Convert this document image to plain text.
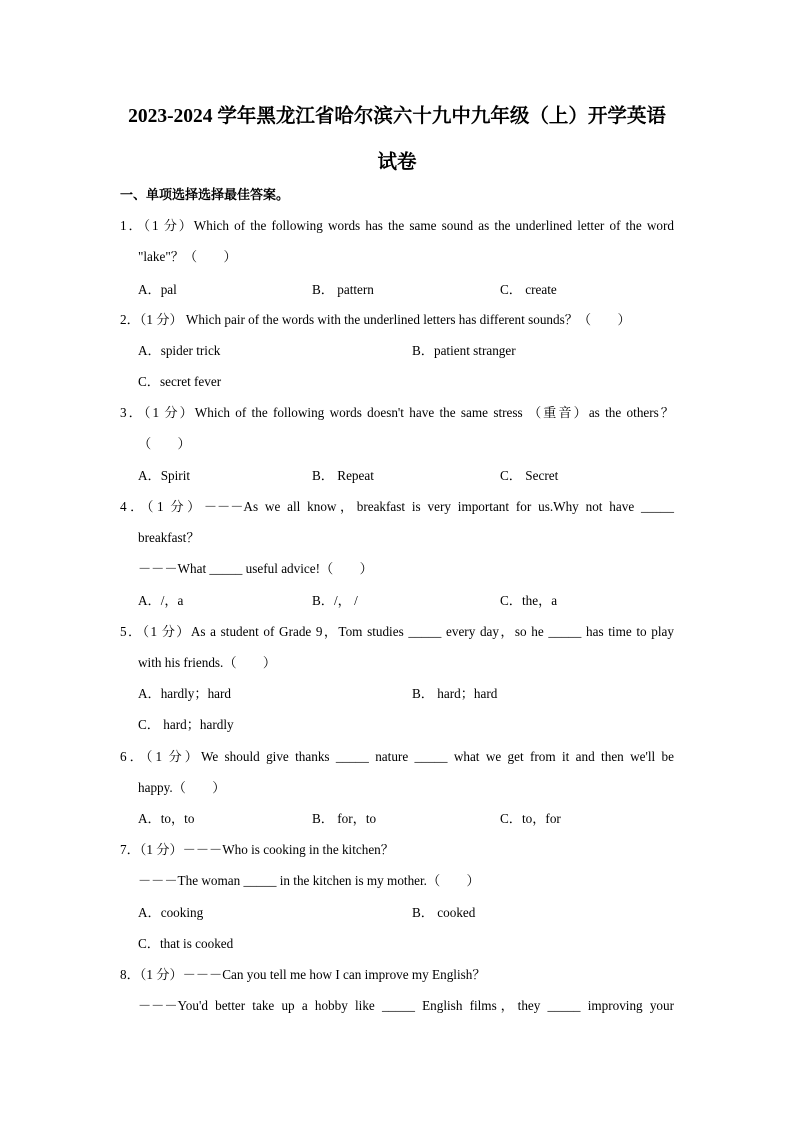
2023-2024 学年黑龙江省哈尔滨六十九中九年级（上）开学英语
试卷
一、单项选择选择最佳答案。
1．（1 分）Which of the following words has the same sound as the underlined letter of the word
"lake"？（　　）
A．pal	B． pattern	C． create
2．（1 分） Which pair of the words with the underlined letters has different sounds？（　　）
A．spider trick	B．patient stranger
C．secret fever
3．（1 分）Which of the following words doesn't have the same stress （重音）as the others？
（　　）
A．Spirit	B． Repeat	C． Secret
4．（1 分）－－－As we all know，breakfast is very important for us.Why not have _____
breakfast？
－－－What _____ useful advice!（　　）
A．/，a	B．/， /	C．the，a
5．（1 分）As a student of Grade 9，Tom studies _____ every day，so he _____ has time to play
with his friends.（　　）
A．hardly；hard	B． hard；hard
C． hard；hardly
6．（1 分）We should give thanks _____ nature _____ what we get from it and then we'll be
happy.（　　）
A．to，to	B． for，to	C．to，for
7．（1 分）－－－Who is cooking in the kitchen？
－－－The woman _____ in the kitchen is my mother.（　　）
A．cooking	B． cooked
C．that is cooked
8．（1 分）－－－Can you tell me how I can improve my English？
－－－You'd better take up a hobby like _____ English films，they _____ improving your
